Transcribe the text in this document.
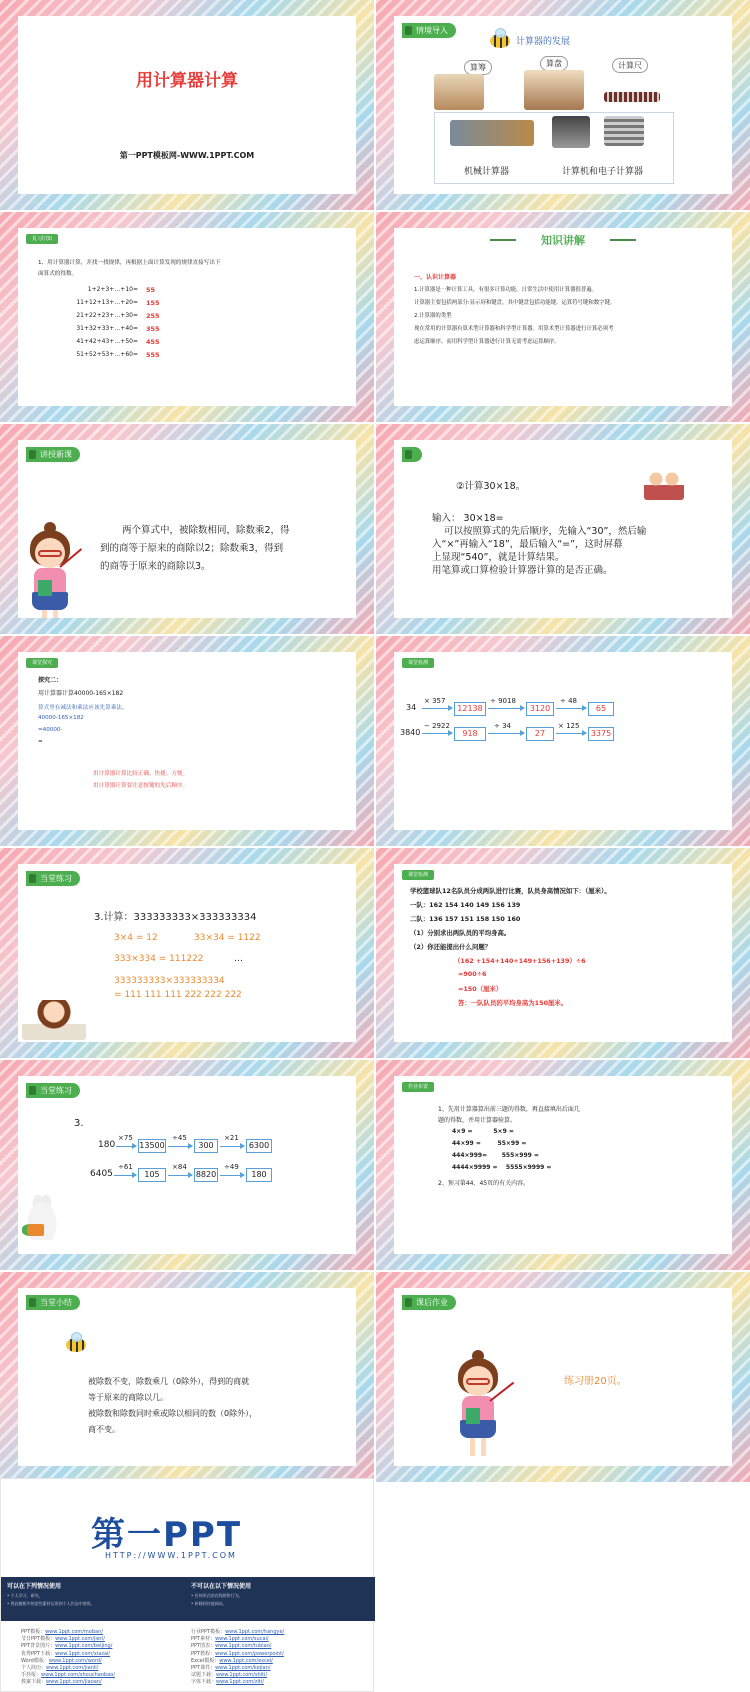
用计算器计算
第一PPT模板网-WWW.1PPT.COM
情境导入
计算器的发展
算筹	算盘	计算尺
机械计算器	计算机和电子计算器
复习旧知
1、用计算器计算，并找一找规律，再根据上面计算发现的规律直接写出下
面算式的得数。
1+2+3+…+10= 55
11+12+13+…+20= 155
21+22+23+…+30= 255
31+32+33+…+40= 355
41+42+43+…+50= 455
51+52+53+…+60= 555
知识讲解
一、认识计算器
1.计算器是一种计算工具，有很多计算功能，日常生活中使用计算器很普遍。
计算器主要包括两部分:显示屏和键盘。其中键盘包括功能键、运算符号键和数字键。
2.计算器的类型
现在常用的计算器有算术型计算器和科学型计算器。用算术型计算器进行计算必须考
虑运算顺序。而用科学型计算器进行计算无需考虑运算顺序。
讲授新课
两个算式中，被除数相同，除数乘2，得
到的商等于原来的商除以2；除数乘3，得到
的商等于原来的商除以3。
②计算30×18。
输入： 30×18=
可以按照算式的先后顺序，先输入“30”，然后输
入“×”再输入“18”，最后输入“=”，这时屏幕
上显现“540”，就是计算结果。
用笔算或口算检验计算器计算的是否正确。
课堂探究
探究二：
用计算器计算40000-165×182
算式里有减法和乘法应该先算乘法。
40000-165×182
=40000-
=
用计算器计算比较正确、快捷、方便。
用计算器计算要注意按键的先后顺序。
课堂检测
34
× 357
12138
÷ 9018
3120
÷ 48
65
3840
− 2922
918
÷ 34
27
× 125
3375
当堂练习
3.计算：333333333×333333334
3×4 = 12	33×34 = 1122
333×334 = 111222	…
333333333×333333334
= 111 111 111 222 222 222
课堂检测
学校篮球队12名队员分成两队进行比赛，队员身高情况如下：（厘米）。
一队：162 154 140 149 156 139
二队：136 157 151 158 150 160
（1）分别求出两队员的平均身高。
（2）你还能提出什么问题？
（162 +154+140+149+156+139）÷6
=900÷6
=150（厘米）
答：一队队员的平均身高为150厘米。
当堂练习
3.
180
×75
13500
÷45
300
×21
6300
6405
÷61
105
×84
8820
÷49
180
作业布置
1、先用计算器算出前三题的得数，再直接填出后面几
题的得数，并用计算器验算。
4×9 =          5×9 =
44×99 =        55×99 =
444×999=       555×999 =
4444×9999 =    5555×9999 =
2、预习第44、45页的有关内容。
当堂小结
被除数不变，除数乘几（0除外），得到的商就
等于原来的商除以几。
被除数和除数同时乘或除以相同的数（0除外），
商不变。
课后作业
练习册20页。
第一PPT
HTTP://WWW.1PPT.COM
可以在下列情况使用
• 个人学习、研究。
• 将此模板中的某些素材运用到个人作品中使用。
不可以在以下情况使用
• 任何形式的在线销售行为。
• 转载到其他网站。
PPT模板：www.1ppt.com/moban/
节日PPT模板：www.1ppt.com/jieri/
PPT背景图片：www.1ppt.com/beijing/
优秀PPT下载：www.1ppt.com/xiazai/
Word模板：www.1ppt.com/word/
个人简历：www.1ppt.com/jianli/
手抄报：www.1ppt.com/shouchaobao/
教案下载：www.1ppt.com/jiaoan/
行业PPT模板：www.1ppt.com/hangye/
PPT素材：www.1ppt.com/sucai/
PPT图表：www.1ppt.com/tubiao/
PPT教程：www.1ppt.com/powerpoint/
Excel模板：www.1ppt.com/excel/
PPT课件：www.1ppt.com/kejian/
试题下载：www.1ppt.com/shiti/
字体下载：www.1ppt.com/ziti/
